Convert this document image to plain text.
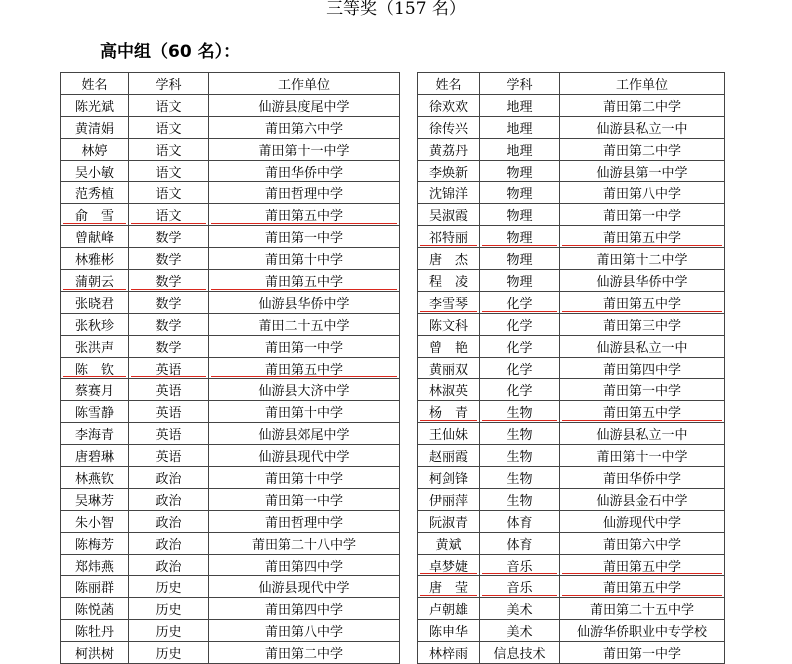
三等奖（157 名）
高中组（60 名）：
姓名	学科	工作单位		姓名	学科	工作单位
陈光斌	语文	仙游县度尾中学		徐欢欢	地理	莆田第二中学
黄清娟	语文	莆田第六中学		徐传兴	地理	仙游县私立一中
林婷	语文	莆田第十一中学		黄荔丹	地理	莆田第二中学
吴小敏	语文	莆田华侨中学		李焕新	物理	仙游县第一中学
范秀植	语文	莆田哲理中学		沈锦洋	物理	莆田第八中学
俞　雪	语文	莆田第五中学		吴淑霞	物理	莆田第一中学
曾献峰	数学	莆田第一中学		祁特丽	物理	莆田第五中学
林雅彬	数学	莆田第十中学		唐　杰	物理	莆田第十二中学
蒲朝云	数学	莆田第五中学		程　凌	物理	仙游县华侨中学
张晓君	数学	仙游县华侨中学		李雪琴	化学	莆田第五中学
张秋珍	数学	莆田二十五中学		陈文科	化学	莆田第三中学
张洪声	数学	莆田第一中学		曾　艳	化学	仙游县私立一中
陈　钦	英语	莆田第五中学		黄丽双	化学	莆田第四中学
蔡赛月	英语	仙游县大济中学		林淑英	化学	莆田第一中学
陈雪静	英语	莆田第十中学		杨　青	生物	莆田第五中学
李海青	英语	仙游县郊尾中学		王仙妹	生物	仙游县私立一中
唐碧琳	英语	仙游县现代中学		赵丽霞	生物	莆田第十一中学
林燕钦	政治	莆田第十中学		柯剑锋	生物	莆田华侨中学
吴琳芳	政治	莆田第一中学		伊丽萍	生物	仙游县金石中学
朱小智	政治	莆田哲理中学		阮淑青	体育	仙游现代中学
陈梅芳	政治	莆田第二十八中学		黄斌	体育	莆田第六中学
郑炜燕	政治	莆田第四中学		卓梦婕	音乐	莆田第五中学
陈丽群	历史	仙游县现代中学		唐　莹	音乐	莆田第五中学
陈悦菡	历史	莆田第四中学		卢朝雄	美术	莆田第二十五中学
陈牡丹	历史	莆田第八中学		陈申华	美术	仙游华侨职业中专学校
柯洪树	历史	莆田第二中学		林梓雨	信息技术	莆田第一中学
